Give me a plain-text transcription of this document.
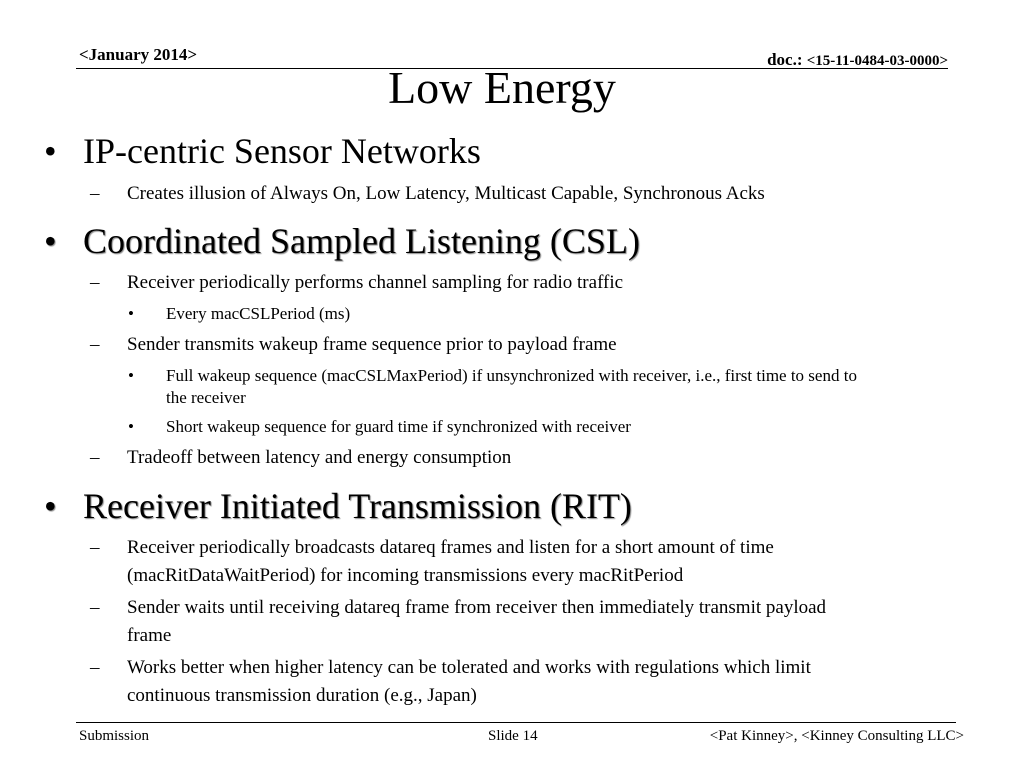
<January 2014>	doc.: <15-11-0484-03-0000>
Low Energy
• IP-centric Sensor Networks
– Creates illusion of Always On, Low Latency, Multicast Capable, Synchronous Acks
• Coordinated Sampled Listening (CSL)
– Receiver periodically performs channel sampling for radio traffic
• Every macCSLPeriod (ms)
– Sender transmits wakeup frame sequence prior to payload frame
• Full wakeup sequence (macCSLMaxPeriod) if unsynchronized with receiver, i.e., first time to send to
the receiver
• Short wakeup sequence for guard time if synchronized with receiver
– Tradeoff between latency and energy consumption
• Receiver Initiated Transmission (RIT)
– Receiver periodically broadcasts datareq frames and listen for a short amount of time
(macRitDataWaitPeriod) for incoming transmissions every macRitPeriod
– Sender waits until receiving datareq frame from receiver then immediately transmit payload
frame
– Works better when higher latency can be tolerated and works with regulations which limit
continuous transmission duration (e.g., Japan)
Submission	Slide 14	<Pat Kinney>, <Kinney Consulting LLC>
